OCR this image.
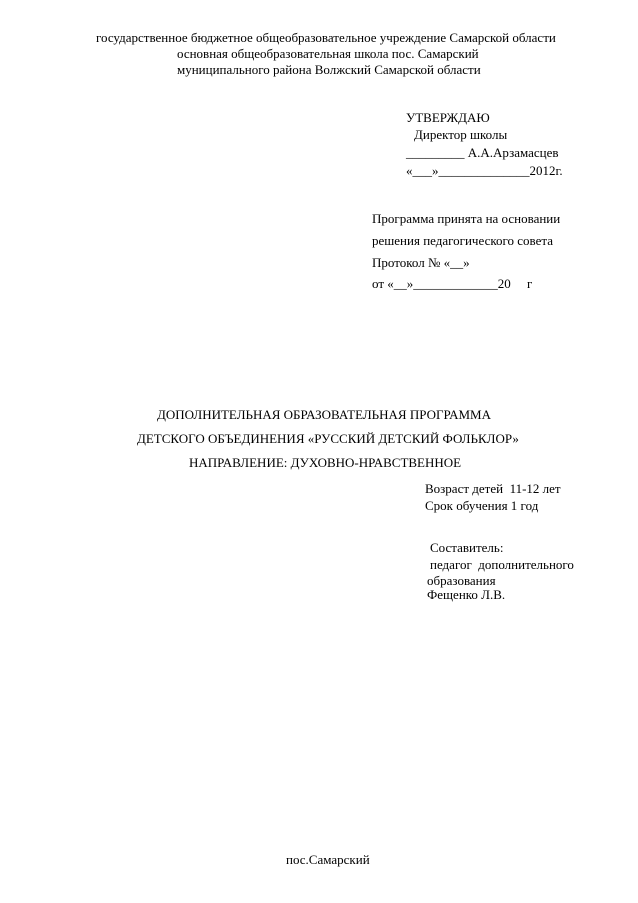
государственное бюджетное общеобразовательное учреждение Самарской области
основная общеобразовательная школа пос. Самарский
муниципального района Волжский Самарской области
УТВЕРЖДАЮ
Директор школы
_________ А.А.Арзамасцев
«___»______________2012г.
Программа принята на основании
решения педагогического совета
Протокол № «__»
от «__»_____________20     г
ДОПОЛНИТЕЛЬНАЯ ОБРАЗОВАТЕЛЬНАЯ ПРОГРАММА
ДЕТСКОГО ОБЪЕДИНЕНИЯ «РУССКИЙ ДЕТСКИЙ ФОЛЬКЛОР»
НАПРАВЛЕНИЕ: ДУХОВНО-НРАВСТВЕННОЕ
Возраст детей  11-12 лет
Срок обучения 1 год
Составитель:
педагог  дополнительного
образования
Фещенко Л.В.
пос.Самарский
